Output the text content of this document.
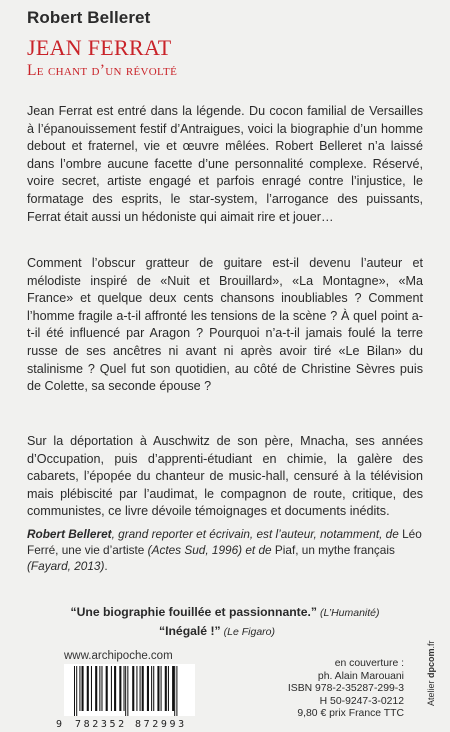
Robert Belleret
JEAN FERRAT
Le chant d’un révolté

Jean Ferrat est entré dans la légende. Du cocon familial de Versailles à l’épanouissement festif d’Antraigues, voici la biographie d’un homme debout et fraternel, vie et œuvre mêlées. Robert Belleret n’a laissé dans l’ombre aucune facette d’une personnalité complexe. Réservé, voire secret, artiste engagé et parfois enragé contre l’injustice, le formatage des esprits, le star-system, l’arrogance des puissants, Ferrat était aussi un hédoniste qui aimait rire et jouer…

Comment l’obscur gratteur de guitare est-il devenu l’auteur et mélodiste inspiré de «Nuit et Brouillard», «La Montagne», «Ma France» et quelque deux cents chansons inoubliables ? Comment l’homme fragile a-t-il affronté les tensions de la scène ? À quel point a-t-il été influencé par Aragon ? Pourquoi n’a-t-il jamais foulé la terre russe de ses ancêtres ni avant ni après avoir tiré «Le Bilan» du stalinisme ? Quel fut son quotidien, au côté de Christine Sèvres puis de Colette, sa seconde épouse ?

Sur la déportation à Auschwitz de son père, Mnacha, ses années d’Occupation, puis d’apprenti-étudiant en chimie, la galère des cabarets, l’épopée du chanteur de music-hall, censuré à la télévision mais plébiscité par l’audimat, le compagnon de route, critique, des communistes, ce livre dévoile témoignages et documents inédits.

Robert Belleret, grand reporter et écrivain, est l’auteur, notamment, de Léo Ferré, une vie d’artiste (Actes Sud, 1996) et de Piaf, un mythe français (Fayard, 2013).

“Une biographie fouillée et passionnante.” (L’Humanité)
“Inégalé !” (Le Figaro)
www.archipoche.com
9 782352 872993
en couverture :
ph. Alain Marouani
ISBN 978-2-35287-299-3
H 50-9247-3-0212
9,80 € prix France TTC
Atelier dpcom.fr
